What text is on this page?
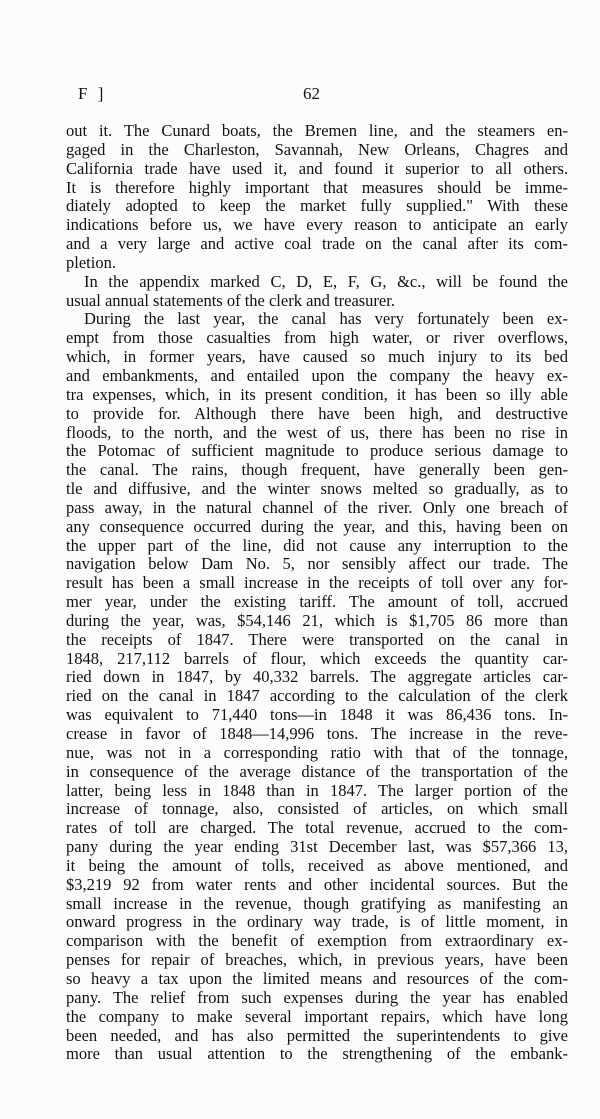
F ]	62
out it. The Cunard boats, the Bremen line, and the steamers en-
gaged in the Charleston, Savannah, New Orleans, Chagres and
California trade have used it, and found it superior to all others.
It is therefore highly important that measures should be imme-
diately adopted to keep the market fully supplied." With these
indications before us, we have every reason to anticipate an early
and a very large and active coal trade on the canal after its com-
pletion.
In the appendix marked C, D, E, F, G, &c., will be found the
usual annual statements of the clerk and treasurer.
During the last year, the canal has very fortunately been ex-
empt from those casualties from high water, or river overflows,
which, in former years, have caused so much injury to its bed
and embankments, and entailed upon the company the heavy ex-
tra expenses, which, in its present condition, it has been so illy able
to provide for. Although there have been high, and destructive
floods, to the north, and the west of us, there has been no rise in
the Potomac of sufficient magnitude to produce serious damage to
the canal. The rains, though frequent, have generally been gen-
tle and diffusive, and the winter snows melted so gradually, as to
pass away, in the natural channel of the river. Only one breach of
any consequence occurred during the year, and this, having been on
the upper part of the line, did not cause any interruption to the
navigation below Dam No. 5, nor sensibly affect our trade. The
result has been a small increase in the receipts of toll over any for-
mer year, under the existing tariff. The amount of toll, accrued
during the year, was, $54,146 21, which is $1,705 86 more than
the receipts of 1847. There were transported on the canal in
1848, 217,112 barrels of flour, which exceeds the quantity car-
ried down in 1847, by 40,332 barrels. The aggregate articles car-
ried on the canal in 1847 according to the calculation of the clerk
was equivalent to 71,440 tons—in 1848 it was 86,436 tons. In-
crease in favor of 1848—14,996 tons. The increase in the reve-
nue, was not in a corresponding ratio with that of the tonnage,
in consequence of the average distance of the transportation of the
latter, being less in 1848 than in 1847. The larger portion of the
increase of tonnage, also, consisted of articles, on which small
rates of toll are charged. The total revenue, accrued to the com-
pany during the year ending 31st December last, was $57,366 13,
it being the amount of tolls, received as above mentioned, and
$3,219 92 from water rents and other incidental sources. But the
small increase in the revenue, though gratifying as manifesting an
onward progress in the ordinary way trade, is of little moment, in
comparison with the benefit of exemption from extraordinary ex-
penses for repair of breaches, which, in previous years, have been
so heavy a tax upon the limited means and resources of the com-
pany. The relief from such expenses during the year has enabled
the company to make several important repairs, which have long
been needed, and has also permitted the superintendents to give
more than usual attention to the strengthening of the embank-
